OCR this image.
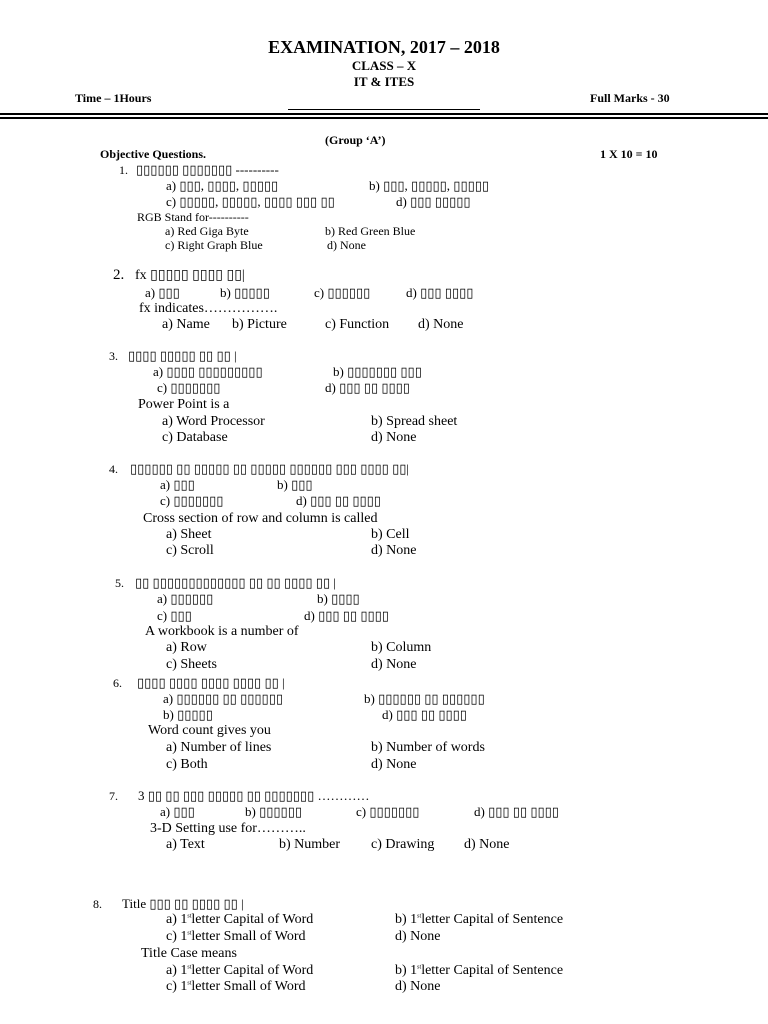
EXAMINATION, 2017 – 2018
CLASS – X
IT & ITES
Time – 1Hours	Full Marks - 30
(Group ‘A’)
Objective Questions.	1 X 10 = 10
1. ▯▯▯▯▯▯ ▯▯▯▯▯▯▯ ----------
a) ▯▯▯, ▯▯▯▯, ▯▯▯▯▯	b) ▯▯▯, ▯▯▯▯▯, ▯▯▯▯▯
c) ▯▯▯▯▯, ▯▯▯▯▯, ▯▯▯▯ ▯▯▯ ▯▯	d) ▯▯▯ ▯▯▯▯▯
RGB Stand for----------
a) Red Giga Byte	b) Red Green Blue
c) Right Graph Blue	d) None
2. fx ▯▯▯▯▯ ▯▯▯▯ ▯▯|
a) ▯▯▯	b) ▯▯▯▯▯	c) ▯▯▯▯▯▯	d) ▯▯▯ ▯▯▯▯
fx indicates…………….
a) Name b) Picture	c) Function d) None
3. ▯▯▯▯ ▯▯▯▯▯ ▯▯ ▯▯ |
a) ▯▯▯▯ ▯▯▯▯▯▯▯▯▯	b) ▯▯▯▯▯▯▯ ▯▯▯
c) ▯▯▯▯▯▯▯	d) ▯▯▯ ▯▯ ▯▯▯▯
Power Point is a
a) Word Processor	b) Spread sheet
c) Database	d) None
4. ▯▯▯▯▯▯ ▯▯ ▯▯▯▯▯ ▯▯ ▯▯▯▯▯ ▯▯▯▯▯▯ ▯▯▯ ▯▯▯▯ ▯▯|
a) ▯▯▯	b) ▯▯▯
c) ▯▯▯▯▯▯▯	d) ▯▯▯ ▯▯ ▯▯▯▯
Cross section of row and column is called
a) Sheet	b) Cell
c) Scroll	d) None
5. ▯▯ ▯▯▯▯▯▯▯▯▯▯▯▯▯ ▯▯ ▯▯ ▯▯▯▯ ▯▯ |
a) ▯▯▯▯▯▯	b) ▯▯▯▯
c) ▯▯▯	d) ▯▯▯ ▯▯ ▯▯▯▯
A workbook is a number of
a) Row	b) Column
c) Sheets	d) None
6. ▯▯▯▯ ▯▯▯▯ ▯▯▯▯ ▯▯▯▯ ▯▯ |
a) ▯▯▯▯▯▯ ▯▯ ▯▯▯▯▯▯	b) ▯▯▯▯▯▯ ▯▯ ▯▯▯▯▯▯
b) ▯▯▯▯▯	d) ▯▯▯ ▯▯ ▯▯▯▯
Word count gives you
a) Number of lines	b) Number of words
c) Both	d) None
7. 3 ▯▯ ▯▯ ▯▯▯ ▯▯▯▯▯ ▯▯ ▯▯▯▯▯▯▯ …………
a) ▯▯▯	b) ▯▯▯▯▯▯	c) ▯▯▯▯▯▯▯	d) ▯▯▯ ▯▯ ▯▯▯▯
3-D Setting use for………..
a) Text	b) Number c) Drawing d) None
8. Title ▯▯▯ ▯▯ ▯▯▯▯ ▯▯ |
a) 1stletter Capital of Word	b) 1stletter Capital of Sentence
c) 1stletter Small of Word	d) None
Title Case means
a) 1stletter Capital of Word	b) 1stletter Capital of Sentence
c) 1stletter Small of Word	d) None
